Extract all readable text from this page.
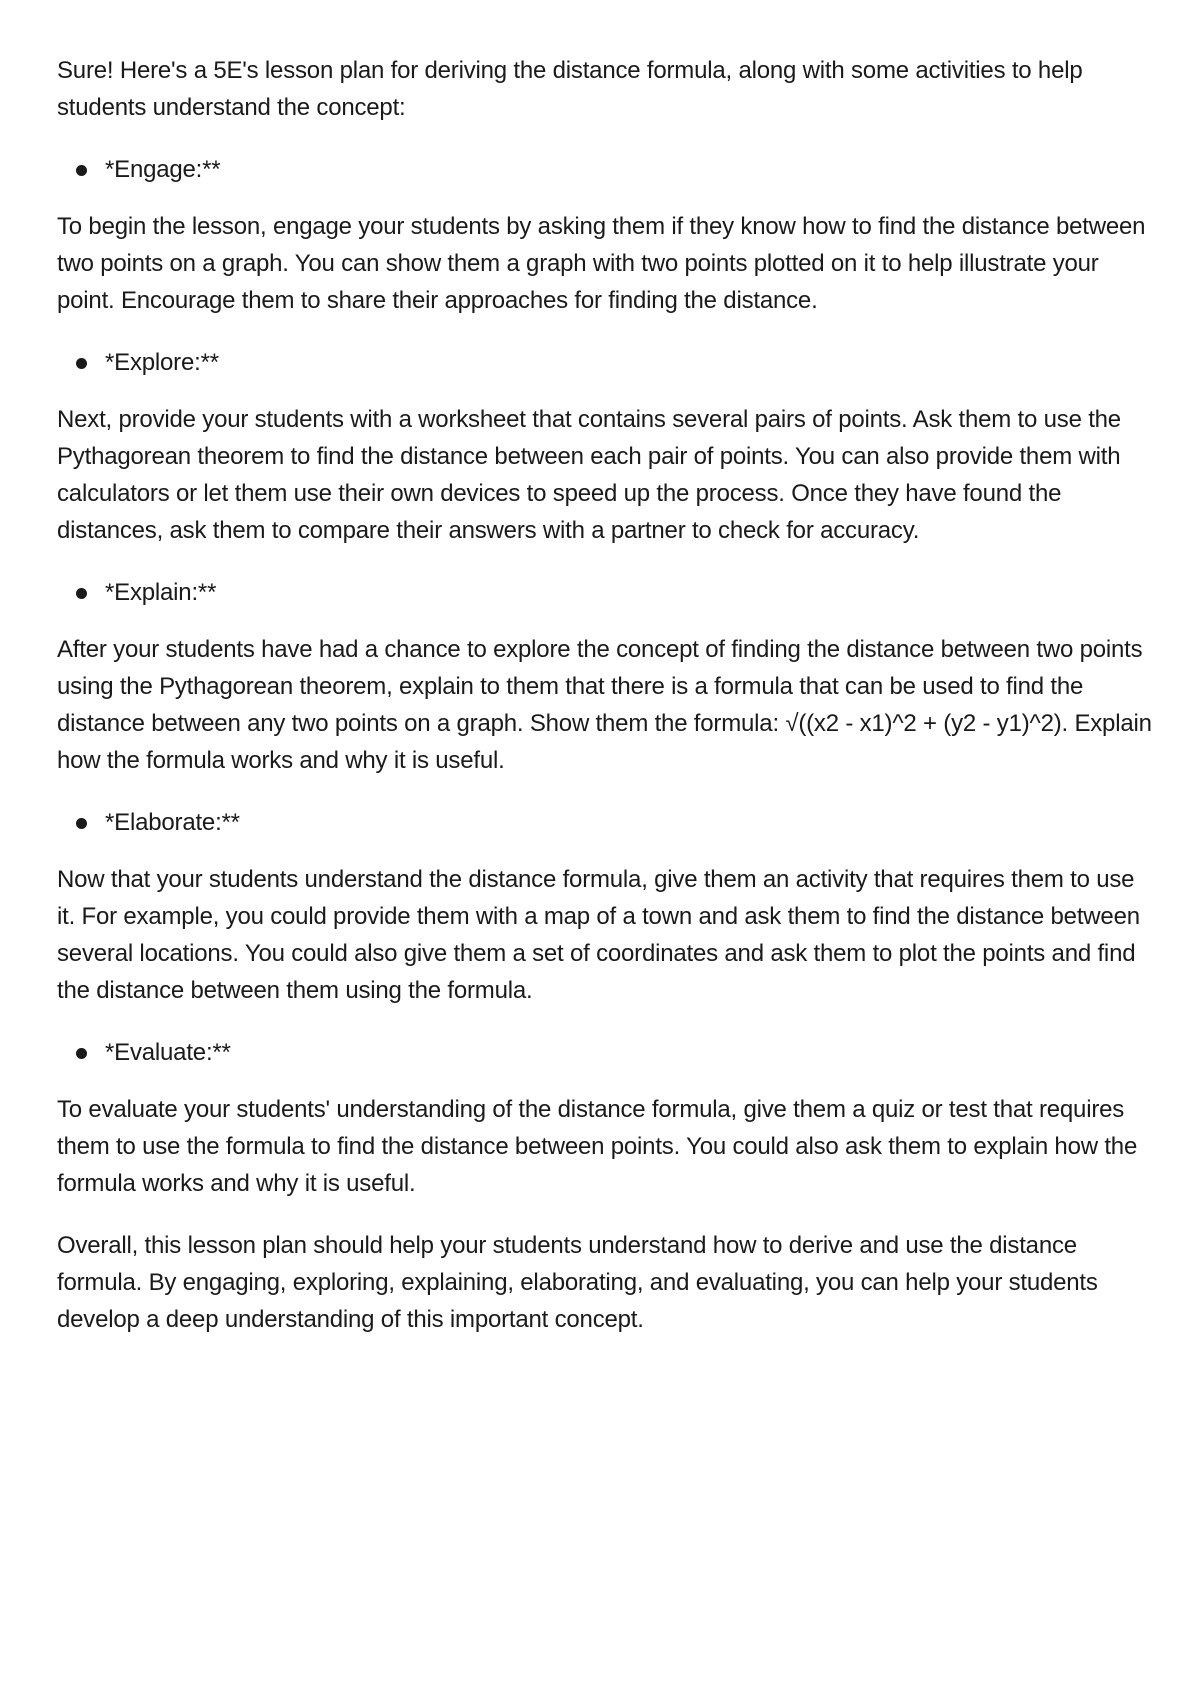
Sure! Here's a 5E's lesson plan for deriving the distance formula, along with some activities to help students understand the concept:

*Engage:**

To begin the lesson, engage your students by asking them if they know how to find the distance between two points on a graph. You can show them a graph with two points plotted on it to help illustrate your point. Encourage them to share their approaches for finding the distance.

*Explore:**

Next, provide your students with a worksheet that contains several pairs of points. Ask them to use the Pythagorean theorem to find the distance between each pair of points. You can also provide them with calculators or let them use their own devices to speed up the process. Once they have found the distances, ask them to compare their answers with a partner to check for accuracy.

*Explain:**

After your students have had a chance to explore the concept of finding the distance between two points using the Pythagorean theorem, explain to them that there is a formula that can be used to find the distance between any two points on a graph. Show them the formula: √((x2 - x1)^2 + (y2 - y1)^2). Explain how the formula works and why it is useful.

*Elaborate:**

Now that your students understand the distance formula, give them an activity that requires them to use it. For example, you could provide them with a map of a town and ask them to find the distance between several locations. You could also give them a set of coordinates and ask them to plot the points and find the distance between them using the formula.

*Evaluate:**

To evaluate your students' understanding of the distance formula, give them a quiz or test that requires them to use the formula to find the distance between points. You could also ask them to explain how the formula works and why it is useful.

Overall, this lesson plan should help your students understand how to derive and use the distance formula. By engaging, exploring, explaining, elaborating, and evaluating, you can help your students develop a deep understanding of this important concept.
